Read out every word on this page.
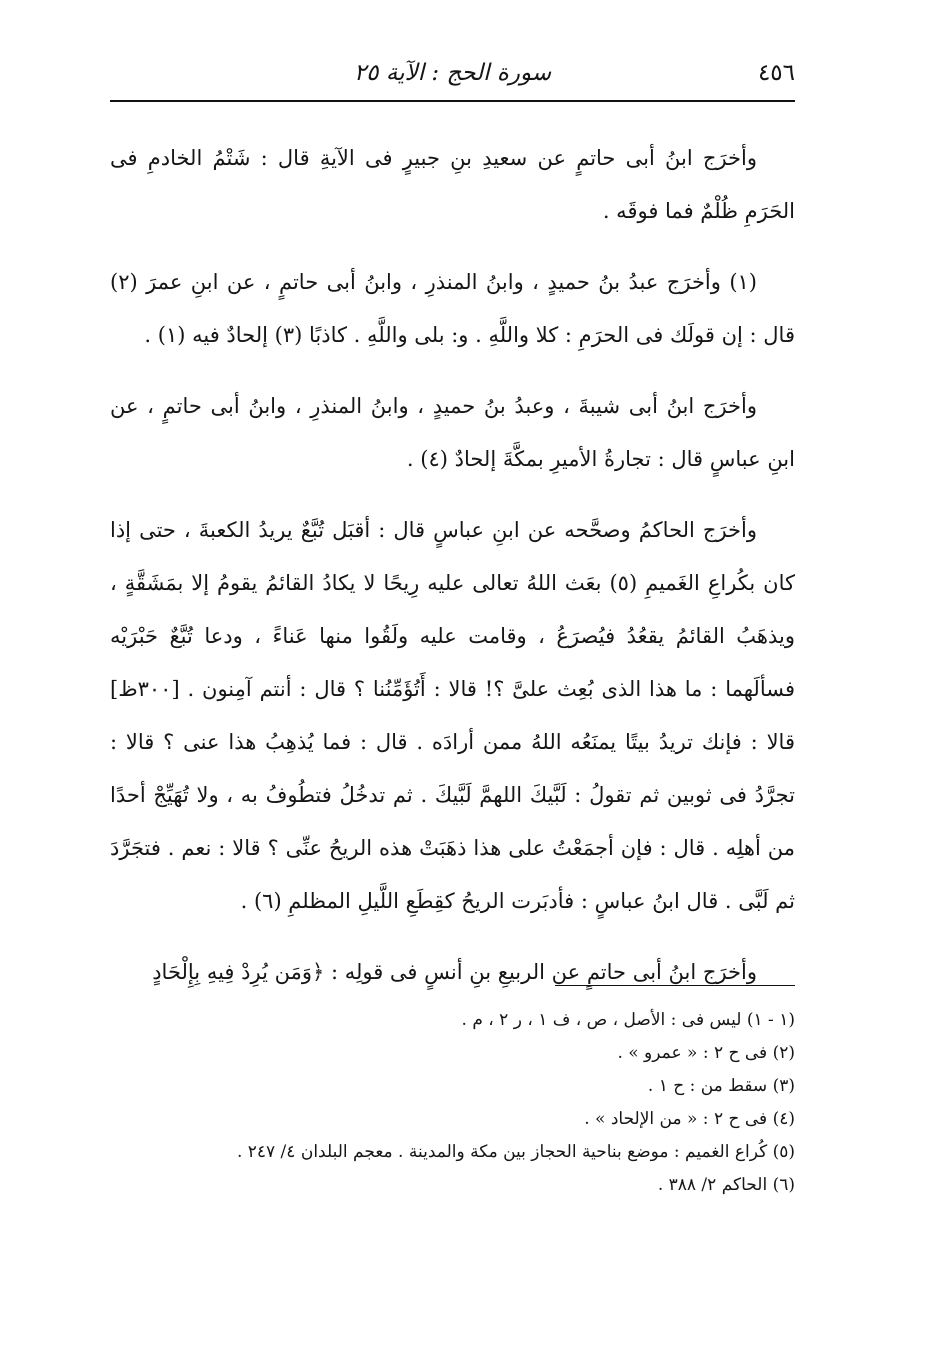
٤٥٦
سورة الحج : الآية ٢٥

وأخرَج ابنُ أبى حاتمٍ عن سعيدِ بنِ جبيرٍ فى الآيةِ قال : شَتْمُ الخادمِ فى الحَرَمِ ظُلْمٌ فما فوقَه .

(١) وأخرَج عبدُ بنُ حميدٍ ، وابنُ المنذرِ ، وابنُ أبى حاتمٍ ، عن ابنِ عمرَ (٢) قال : إن قولَك فى الحرَمِ : كلا واللَّهِ . و: بلى واللَّهِ . كاذبًا (٣) إلحادٌ فيه (١) .

وأخرَج ابنُ أبى شيبةَ ، وعبدُ بنُ حميدٍ ، وابنُ المنذرِ ، وابنُ أبى حاتمٍ ، عن ابنِ عباسٍ قال : تجارةُ الأميرِ بمكَّةَ إلحادٌ (٤) .

وأخرَج الحاكمُ وصحَّحه عن ابنِ عباسٍ قال : أقبَل تُبَّعٌ يريدُ الكعبةَ ، حتى إذا كان بكُراعِ الغَميمِ (٥) بعَث اللهُ تعالى عليه رِيحًا لا يكادُ القائمُ يقومُ إلا بمَشَقَّةٍ ، ويذهَبُ القائمُ يقعُدُ فيُصرَعُ ، وقامت عليه ولَقُوا منها عَناءً ، ودعا تُبَّعٌ حَبْرَيْه فسألَهما : ما هذا الذى بُعِث علىَّ ؟! قالا : أَتُؤَمِّنُنا ؟ قال : أنتم آمِنون . [٣٠٠ظ] قالا : فإنك تريدُ بيتًا يمنَعُه اللهُ ممن أرادَه . قال : فما يُذهِبُ هذا عنى ؟ قالا : تجرَّدُ فى ثوبين ثم تقولُ : لَبَّيكَ اللهمَّ لَبَّيكَ . ثم تدخُلُ فتطُوفُ به ، ولا تُهَيِّجْ أحدًا من أهلِه . قال : فإن أجمَعْتُ على هذا ذهَبَتْ هذه الريحُ عنِّى ؟ قالا : نعم . فتجَرَّدَ ثم لَبَّى . قال ابنُ عباسٍ : فأدبَرت الريحُ كقِطَعِ اللَّيلِ المظلمِ (٦) .

وأخرَج ابنُ أبى حاتمٍ عن الربيعِ بنِ أنسٍ فى قولِه : ﴿وَمَن يُرِدْ فِيهِ بِإِلْحَادٍ

(١ - ١) ليس فى : الأصل ، ص ، ف ١ ، ر ٢ ، م .

(٢) فى ح ٢ : « عمرو » .

(٣) سقط من : ح ١ .

(٤) فى ح ٢ : « من الإلحاد » .

(٥) كُراع الغميم : موضع بناحية الحجاز بين مكة والمدينة . معجم البلدان ٤/ ٢٤٧ .

(٦) الحاكم ٢/ ٣٨٨ .
